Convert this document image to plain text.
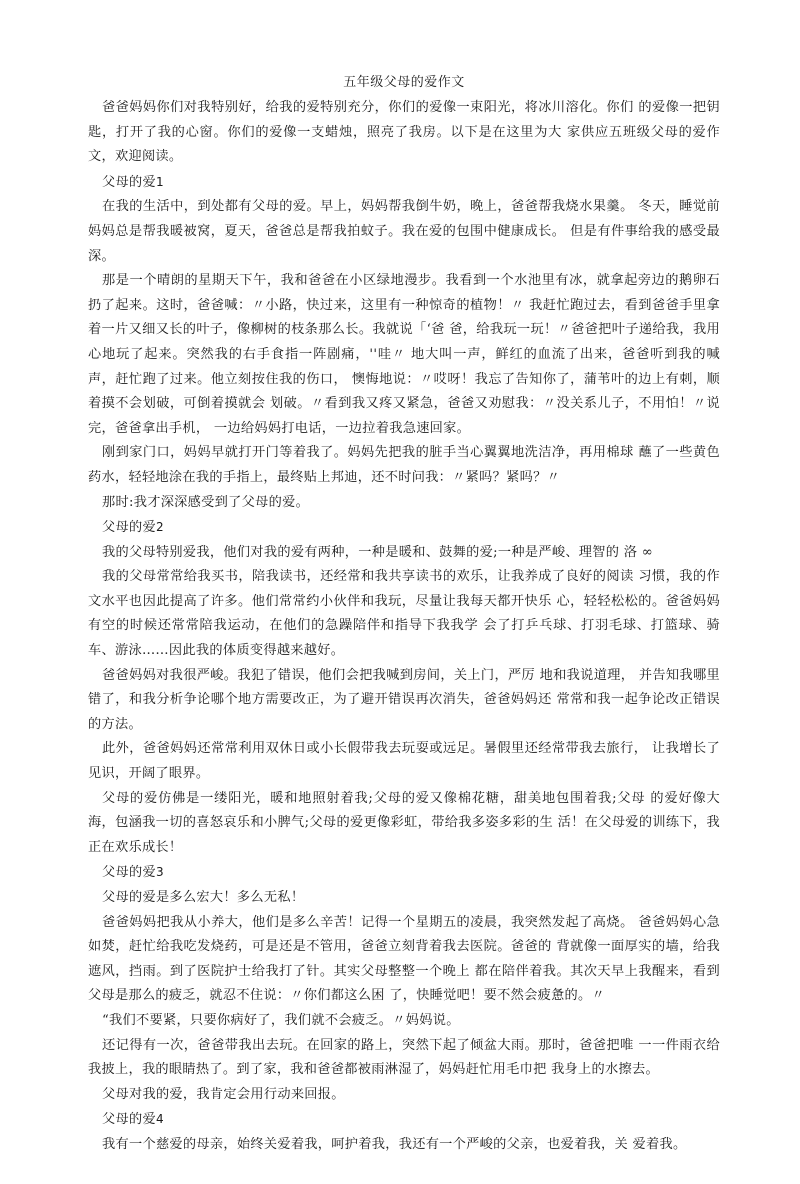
五年级父母的爱作文

爸爸妈妈你们对我特别好，给我的爱特别充分，你们的爱像一束阳光，将冰川溶化。你们 的爱像一把钥匙，打开了我的心窗。你们的爱像一支蜡烛，照亮了我房。以下是在这里为大 家供应五班级父母的爱作文，欢迎阅读。

父母的爱1

在我的生活中，到处都有父母的爱。早上，妈妈帮我倒牛奶，晚上，爸爸帮我烧水果羹。 冬天，睡觉前妈妈总是帮我暖被窝，夏天，爸爸总是帮我拍蚊子。我在爱的包围中健康成长。 但是有件事给我的感受最深。

那是一个晴朗的星期天下午，我和爸爸在小区绿地漫步。我看到一个水池里有冰，就拿起旁边的鹅卵石扔了起来。这时，爸爸喊：〃小路，快过来，这里有一种惊奇的植物！〃 我赶忙跑过去，看到爸爸手里拿着一片又细又长的叶子，像柳树的枝条那么长。我就说「‘爸 爸，给我玩一玩！〃爸爸把叶子递给我，我用心地玩了起来。突然我的右手食指一阵剧痛，''哇〃 地大叫一声，鲜红的血流了出来，爸爸听到我的喊声，赶忙跑了过来。他立刻按住我的伤口， 懊悔地说：〃哎呀！我忘了告知你了，蒲苇叶的边上有刺，顺着摸不会划破，可倒着摸就会 划破。〃看到我又疼又紧急，爸爸又劝慰我：〃没关系儿子，不用怕！〃说完，爸爸拿出手机， 一边给妈妈打电话，一边拉着我急速回家。

刚到家门口，妈妈早就打开门等着我了。妈妈先把我的脏手当心翼翼地洗洁净，再用棉球 蘸了一些黄色药水，轻轻地涂在我的手指上，最终贴上邦迪，还不时问我：〃紧吗？紧吗？〃

那时:我才深深感受到了父母的爱。

父母的爱2

我的父母特别爱我，他们对我的爱有两种，一种是暖和、鼓舞的爱;一种是严峻、理智的 洛 ∞

我的父母常常给我买书，陪我读书，还经常和我共享读书的欢乐，让我养成了良好的阅读 习惯，我的作文水平也因此提高了许多。他们常常约小伙伴和我玩，尽量让我每天都开快乐 心，轻轻松松的。爸爸妈妈有空的时候还常常陪我运动，在他们的急躁陪伴和指导下我我学 会了打乒乓球、打羽毛球、打篮球、骑车、游泳……因此我的体质变得越来越好。

爸爸妈妈对我很严峻。我犯了错误，他们会把我喊到房间，关上门，严厉 地和我说道理， 并告知我哪里错了，和我分析争论哪个地方需要改正，为了避开错误再次消失，爸爸妈妈还 常常和我一起争论改正错误的方法。

此外，爸爸妈妈还常常利用双休日或小长假带我去玩耍或远足。暑假里还经常带我去旅行， 让我增长了见识，开阔了眼界。

父母的爱仿佛是一缕阳光，暖和地照射着我;父母的爱又像棉花糖，甜美地包围着我;父母 的爱好像大海，包涵我一切的喜怒哀乐和小脾气;父母的爱更像彩虹，带给我多姿多彩的生 活！在父母爱的训练下，我正在欢乐成长！

父母的爱3

父母的爱是多么宏大！多么无私！

爸爸妈妈把我从小养大，他们是多么辛苦！记得一个星期五的凌晨，我突然发起了高烧。 爸爸妈妈心急如焚，赶忙给我吃发烧药，可是还是不管用，爸爸立刻背着我去医院。爸爸的 背就像一面厚实的墙，给我遮风，挡雨。到了医院护士给我打了针。其实父母整整一个晚上 都在陪伴着我。其次天早上我醒来，看到父母是那么的疲乏，就忍不住说：〃你们都这么困 了，快睡觉吧！要不然会疲惫的。〃

“我们不要紧，只要你病好了，我们就不会疲乏。〃妈妈说。

还记得有一次，爸爸带我出去玩。在回家的路上，突然下起了倾盆大雨。那时，爸爸把唯 一一件雨衣给我披上，我的眼睛热了。到了家，我和爸爸都被雨淋湿了，妈妈赶忙用毛巾把 我身上的水擦去。

父母对我的爱，我肯定会用行动来回报。

父母的爱4

我有一个慈爱的母亲，始终关爱着我，呵护着我，我还有一个严峻的父亲，也爱着我，关 爱着我。
